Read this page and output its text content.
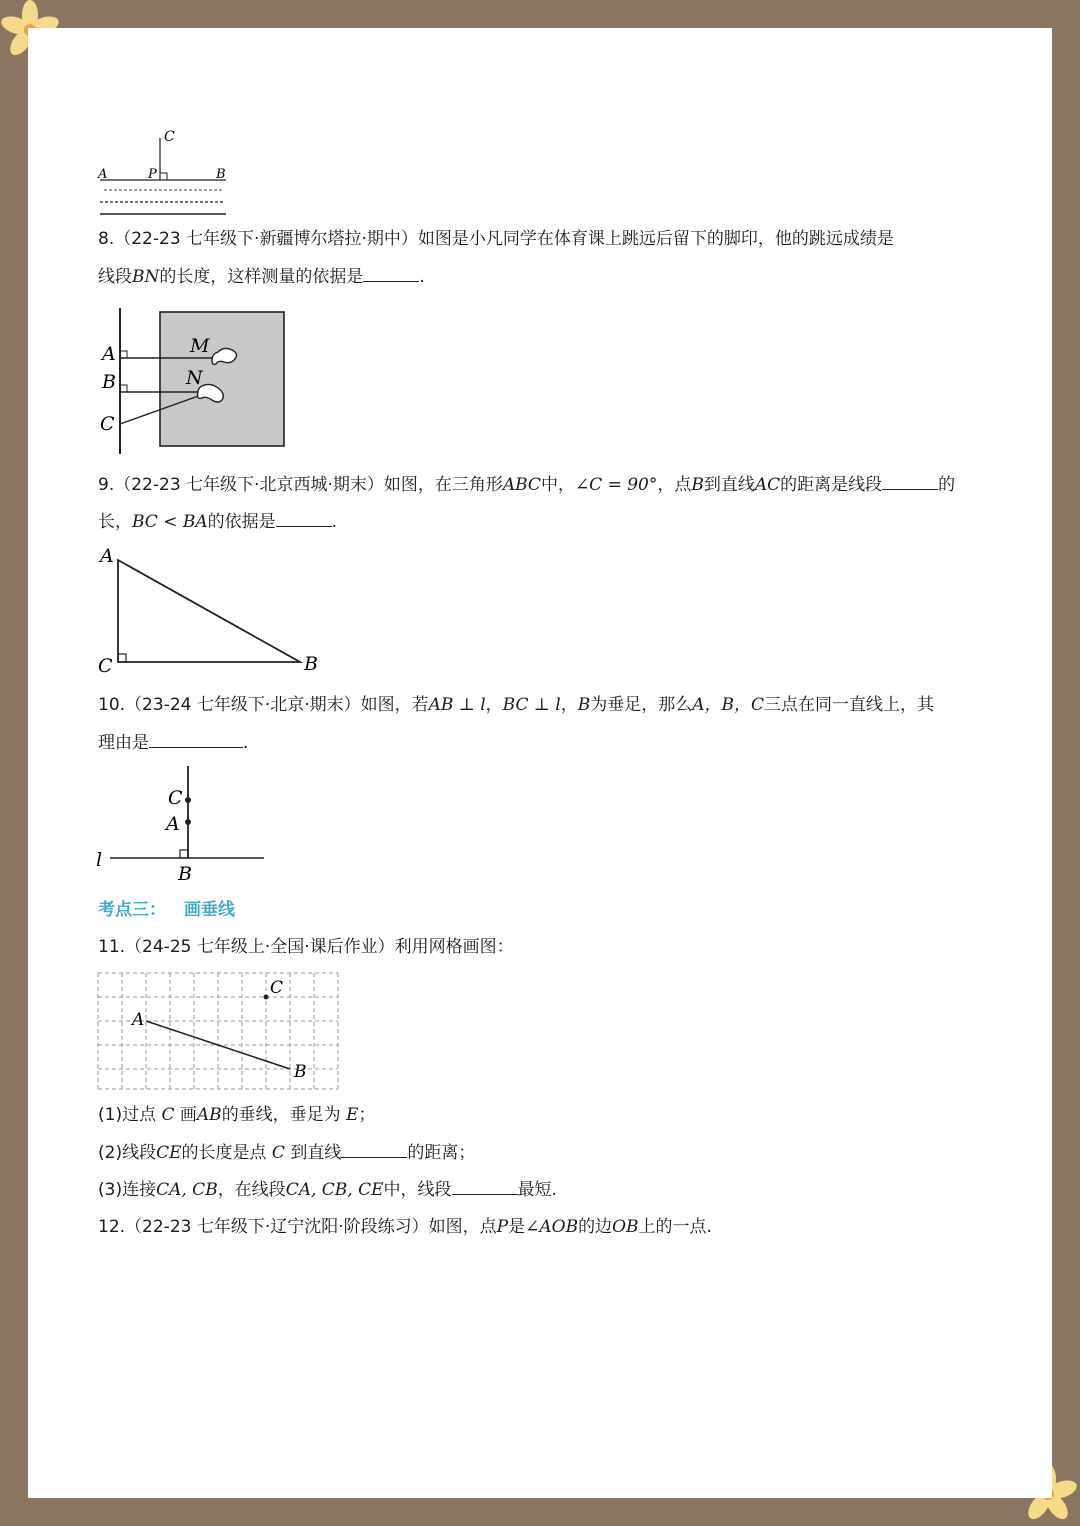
C
A	P	B
8.（22-23 七年级下·新疆博尔塔拉·期中）如图是小凡同学在体育课上跳远后留下的脚印，他的跳远成绩是
线段BN的长度，这样测量的依据是	.
B
A
C
M
N
9.（22-23 七年级下·北京西城·期末）如图，在三角形ABC中，∠C = 90°，点B到直线AC的距离是线段	的
长，BC < BA的依据是	.
A
C	B
10.（23-24 七年级下·北京·期末）如图，若AB ⊥ l，BC ⊥ l，B为垂足，那么A，B，C三点在同一直线上，其
理由是	.
C
A
B
l
考点三： 画垂线
11.（24-25 七年级上·全国·课后作业）利用网格画图：
A
B
C
(1)过点 C 画AB的垂线，垂足为 E；
(2)线段CE的长度是点 C 到直线	的距离；
(3)连接CA, CB，在线段CA, CB, CE中，线段	最短.
12.（22-23 七年级下·辽宁沈阳·阶段练习）如图，点P是∠AOB的边OB上的一点.
